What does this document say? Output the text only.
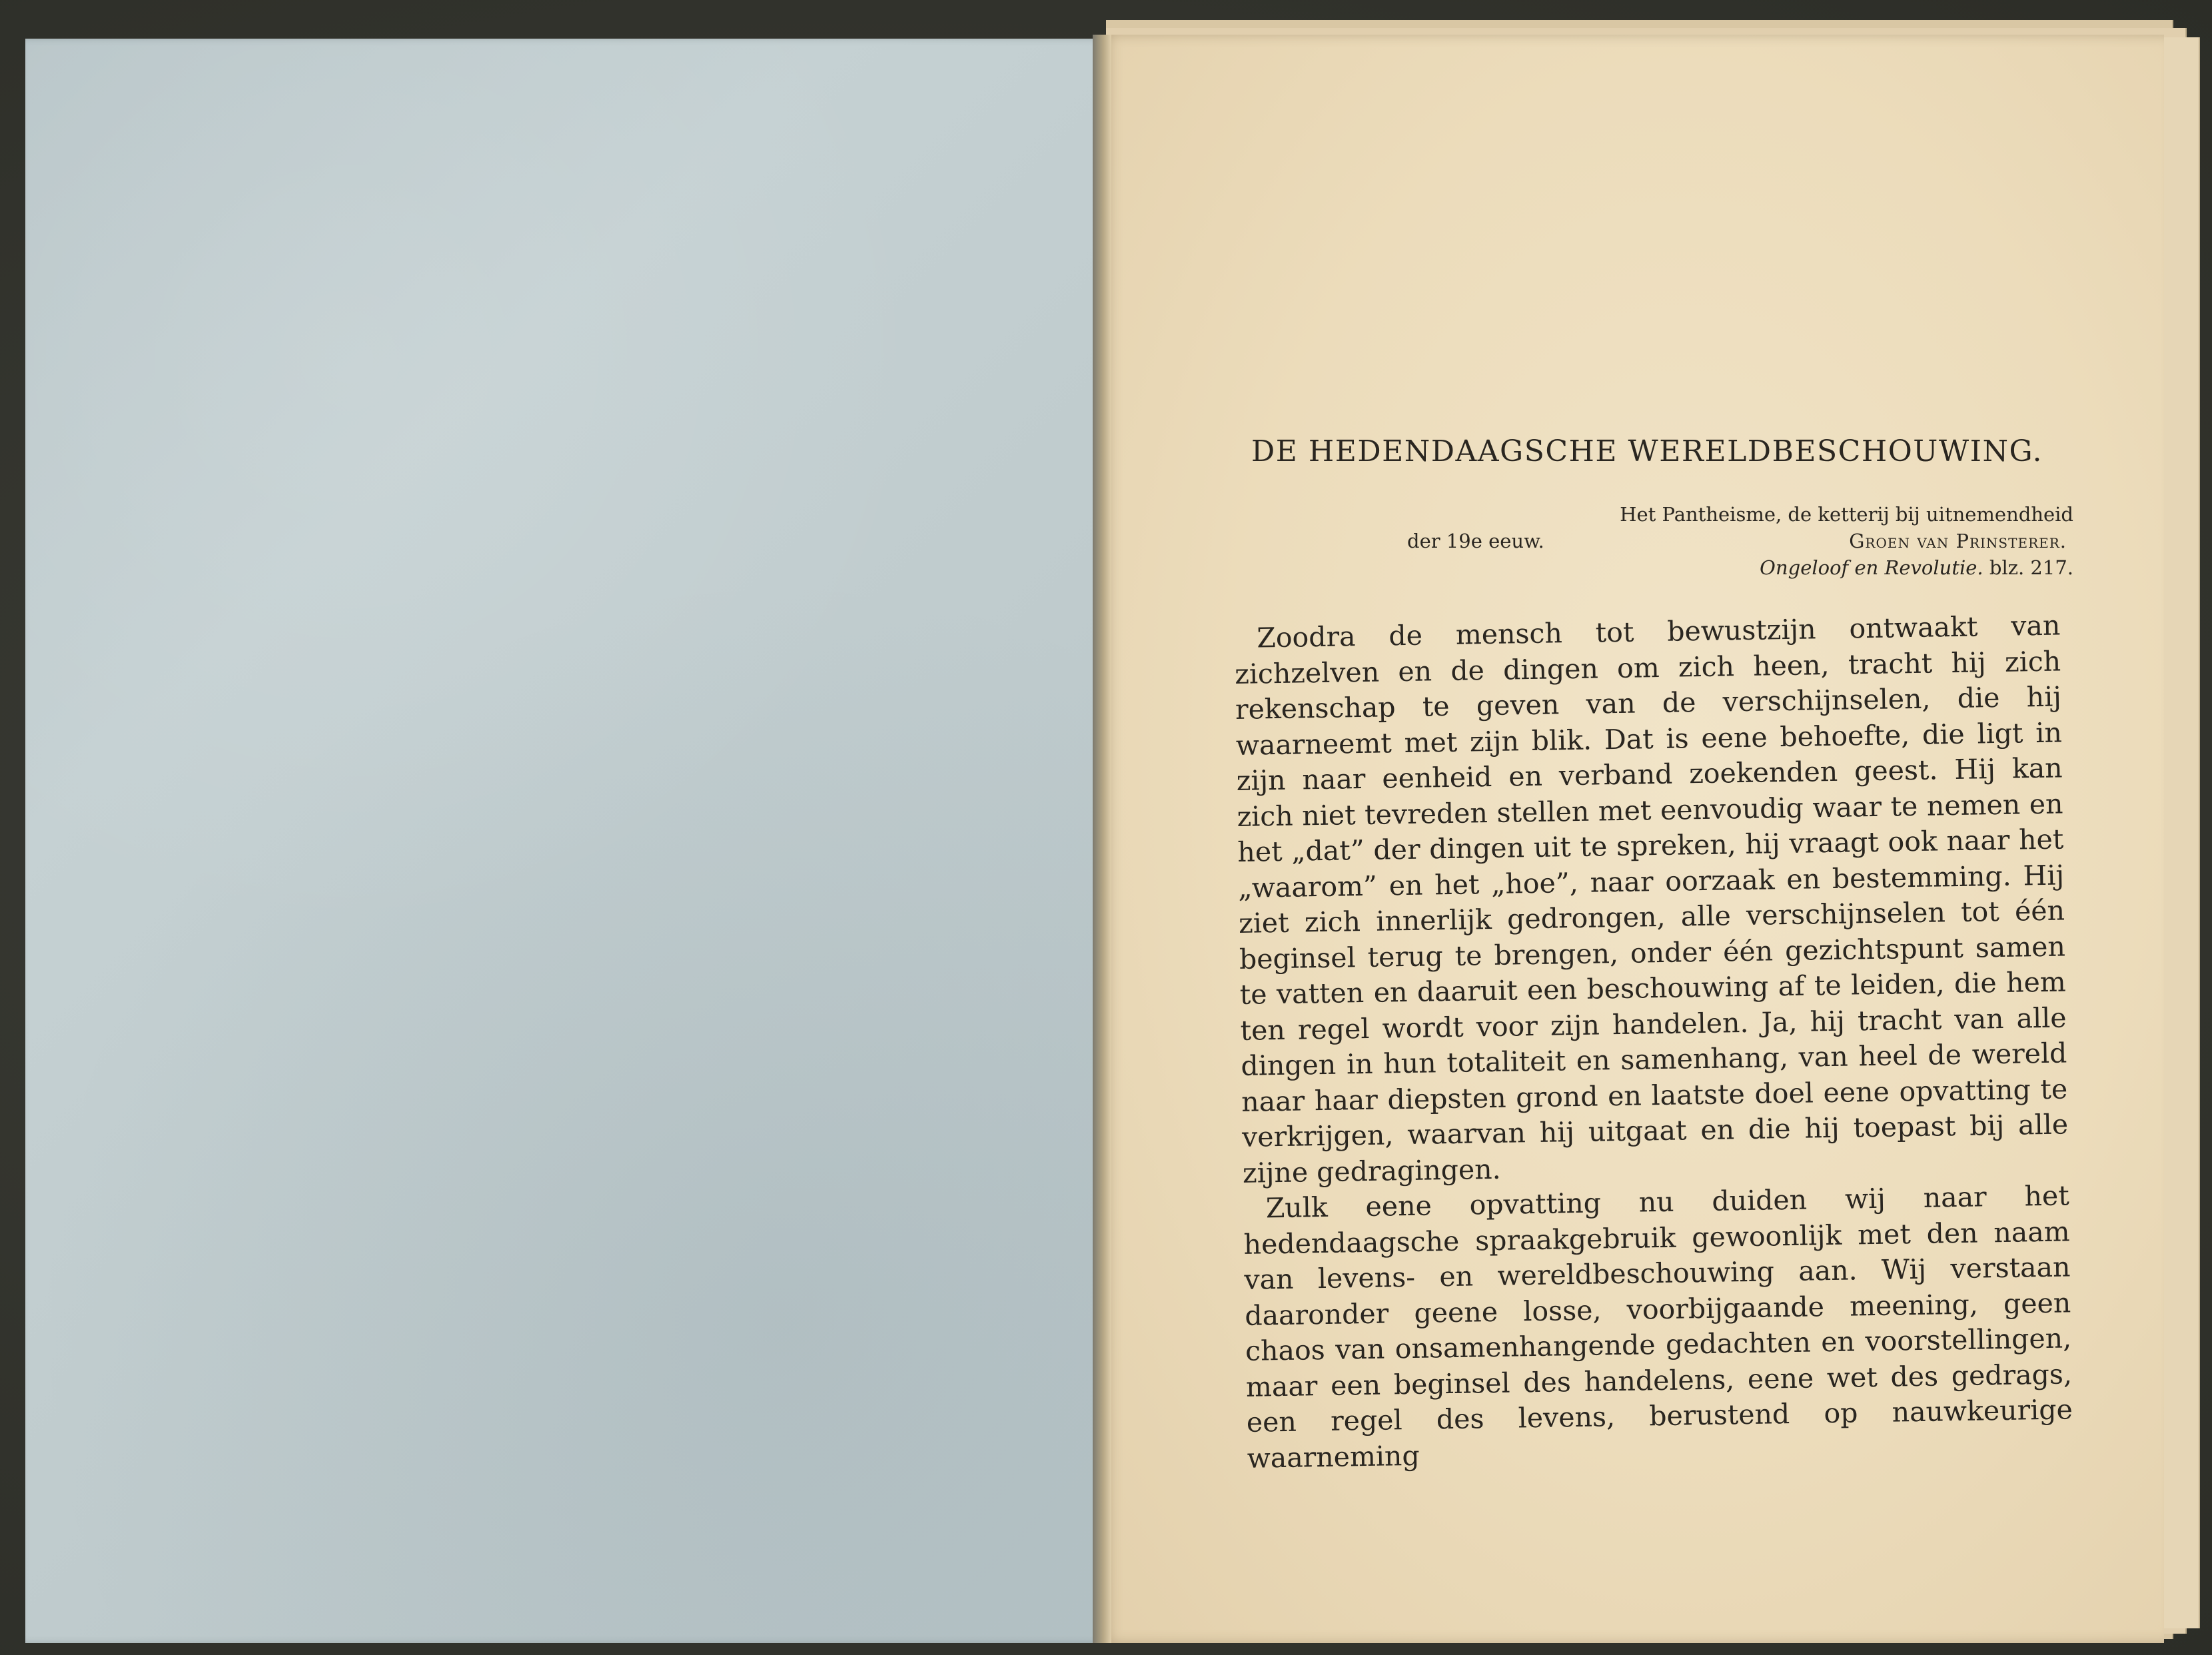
DE HEDENDAAGSCHE WERELDBESCHOUWING.
Het Pantheisme, de ketterij bij uitnemendheid
der 19e eeuw.	Groen van Prinsterer.
Ongeloof en Revolutie. blz. 217.

Zoodra de mensch tot bewustzijn ontwaakt van zichzelven en de dingen om zich heen, tracht hij zich rekenschap te geven van de verschijnselen, die hij waarneemt met zijn blik. Dat is eene behoefte, die ligt in zijn naar eenheid en verband zoekenden geest. Hij kan zich niet tevreden stellen met eenvoudig waar te nemen en het „dat” der dingen uit te spreken, hij vraagt ook naar het „waarom” en het „hoe”, naar oorzaak en bestemming. Hij ziet zich innerlijk gedrongen, alle verschijnselen tot één beginsel terug te brengen, onder één gezichtspunt samen te vatten en daaruit een beschouwing af te leiden, die hem ten regel wordt voor zijn handelen. Ja, hij tracht van alle dingen in hun totaliteit en samenhang, van heel de wereld naar haar diepsten grond en laatste doel eene opvatting te verkrijgen, waarvan hij uitgaat en die hij toepast bij alle zijne gedragingen.

Zulk eene opvatting nu duiden wij naar het hedendaagsche spraakgebruik gewoonlijk met den naam van levens- en wereldbeschouwing aan. Wij verstaan daaronder geene losse, voorbijgaande meening, geen chaos van onsamenhangende gedachten en voorstellingen, maar een beginsel des handelens, eene wet des gedrags, een regel des levens, berustend op nauwkeurige waarneming
